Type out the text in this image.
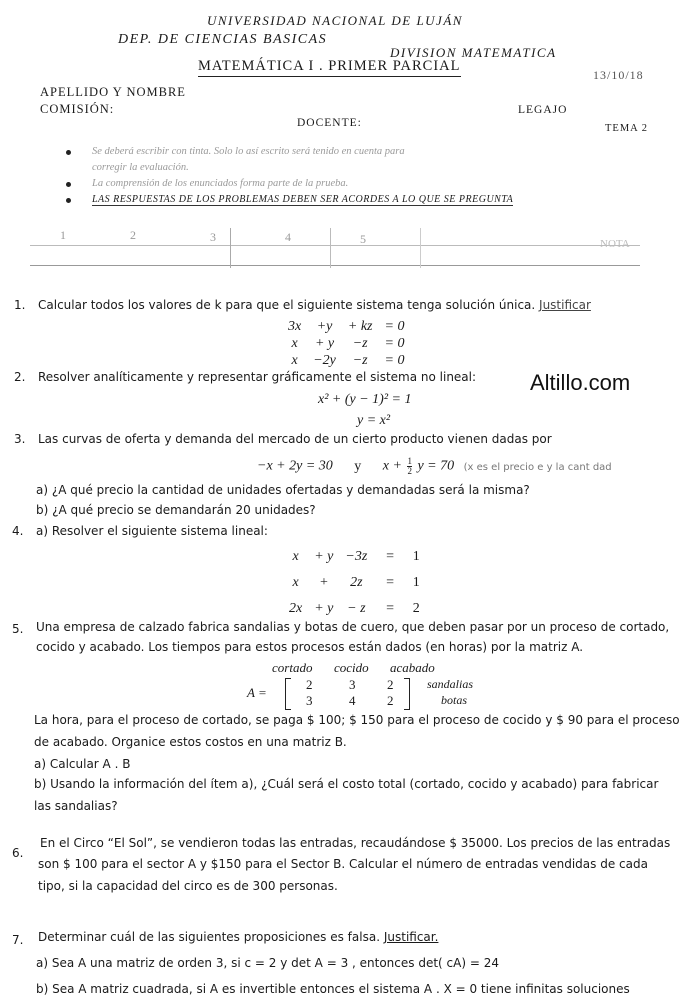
UNIVERSIDAD NACIONAL DE LUJÁN
DEP. DE CIENCIAS BASICAS
DIVISION MATEMATICA
MATEMÁTICA I . PRIMER PARCIAL
13/10/18
APELLIDO Y NOMBRE
COMISIÓN:	LEGAJO
DOCENTE:	TEMA 2
Se deberá escribir con tinta. Solo lo así escrito será tenido en cuenta para
corregir la evaluación.
La comprensión de los enunciados forma parte de la prueba.
LAS RESPUESTAS DE LOS PROBLEMAS DEBEN SER ACORDES A LO QUE SE PREGUNTA
1	2	3	4	5	NOTA
1. Calcular todos los valores de k para que el siguiente sistema tenga solución única. Justificar
3x	+y	+ kz	= 0
x	+ y	−z	= 0
x	−2y	−z	= 0
2. Resolver analíticamente y representar gráficamente el sistema no lineal:
x² + (y − 1)² = 1
y = x²
Altillo.com
3. Las curvas de oferta y demanda del mercado de un cierto producto vienen dadas por
−x + 2y = 30 y $x + \frac{1}{2}$ y = 70 (x es el precio e y la cant dad
a) ¿A qué precio la cantidad de unidades ofertadas y demandadas será la misma?
b) ¿A qué precio se demandarán 20 unidades?
4. a) Resolver el siguiente sistema lineal:
x	+ y	−3z	=	1
x	+	2z	=	1
2x	+ y	− z	=	2
5. Una empresa de calzado fabrica sandalias y botas de cuero, que deben pasar por un proceso de cortado,
cocido y acabado. Los tiempos para estos procesos están dados (en horas) por la matriz A.
cortado cocido acabado
A =
2	3 2
3	4 2
sandalias
botas
La hora, para el proceso de cortado, se paga $ 100; $ 150 para el proceso de cocido y $ 90 para el proceso
de acabado. Organice estos costos en una matriz B.
a) Calcular A . B
b) Usando la información del ítem a), ¿Cuál será el costo total (cortado, cocido y acabado) para fabricar
las sandalias?
6.
En el Circo “El Sol”, se vendieron todas las entradas, recaudándose $ 35000. Los precios de las entradas
son $ 100 para el sector A y $150 para el Sector B. Calcular el número de entradas vendidas de cada
tipo, si la capacidad del circo es de 300 personas.
7. Determinar cuál de las siguientes proposiciones es falsa. Justificar.
a) Sea A una matriz de orden 3, si c = 2 y det A = 3 , entonces det( cA) = 24
b) Sea A matriz cuadrada, si A es invertible entonces el sistema A . X = 0 tiene infinitas soluciones
